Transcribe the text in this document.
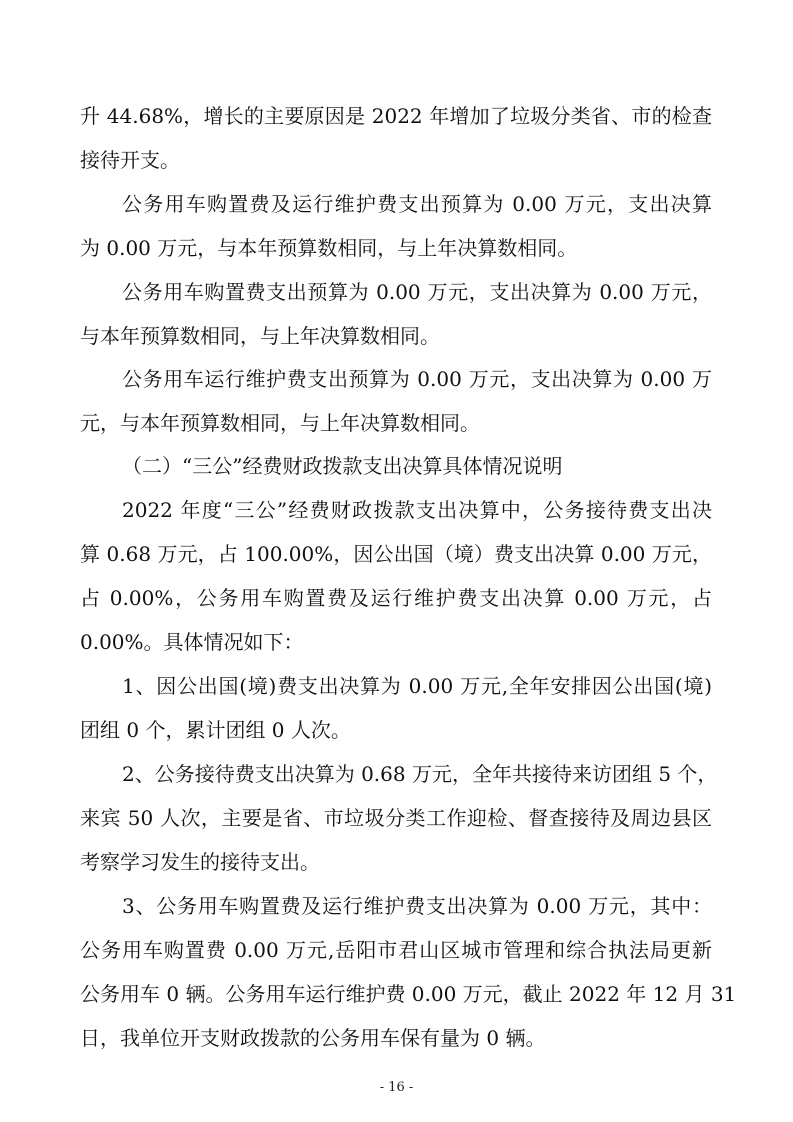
升 44.68%，增长的主要原因是 2022 年增加了垃圾分类省、市的检查
接待开支。
公务用车购置费及运行维护费支出预算为 0.00 万元，支出决算
为 0.00 万元，与本年预算数相同，与上年决算数相同。
公务用车购置费支出预算为 0.00 万元，支出决算为 0.00 万元，
与本年预算数相同，与上年决算数相同。
公务用车运行维护费支出预算为 0.00 万元，支出决算为 0.00 万
元，与本年预算数相同，与上年决算数相同。
（二）“三公”经费财政拨款支出决算具体情况说明
2022 年度“三公”经费财政拨款支出决算中，公务接待费支出决
算 0.68 万元，占 100.00%，因公出国（境）费支出决算 0.00 万元，
占 0.00%，公务用车购置费及运行维护费支出决算 0.00 万元，占
0.00%。具体情况如下：
1、因公出国(境)费支出决算为 0.00 万元,全年安排因公出国(境)
团组 0 个，累计团组 0 人次。
2、公务接待费支出决算为 0.68 万元，全年共接待来访团组 5 个，
来宾 50 人次，主要是省、市垃圾分类工作迎检、督查接待及周边县区
考察学习发生的接待支出。
3、公务用车购置费及运行维护费支出决算为 0.00 万元，其中：
公务用车购置费 0.00 万元,岳阳市君山区城市管理和综合执法局更新
公务用车 0 辆。公务用车运行维护费 0.00 万元，截止 2022 年 12 月 31
日，我单位开支财政拨款的公务用车保有量为 0 辆。
- 16 -
